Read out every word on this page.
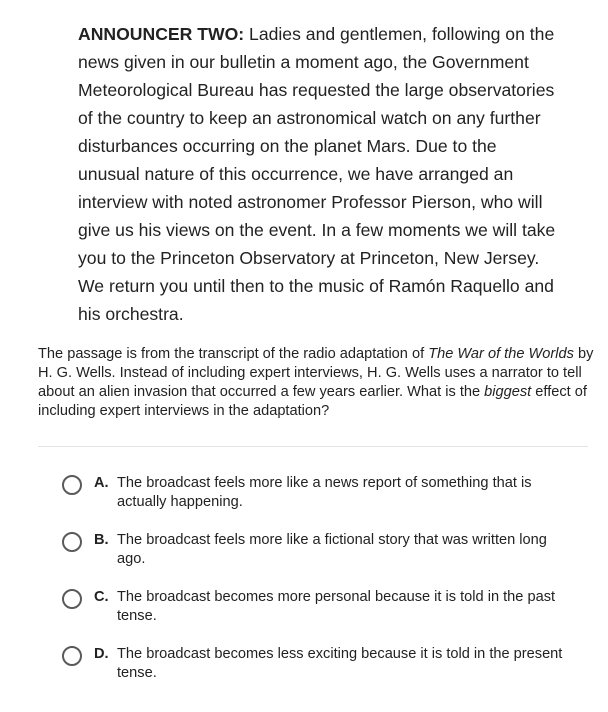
ANNOUNCER TWO: Ladies and gentlemen, following on the news given in our bulletin a moment ago, the Government Meteorological Bureau has requested the large observatories of the country to keep an astronomical watch on any further disturbances occurring on the planet Mars. Due to the unusual nature of this occurrence, we have arranged an interview with noted astronomer Professor Pierson, who will give us his views on the event. In a few moments we will take you to the Princeton Observatory at Princeton, New Jersey. We return you until then to the music of Ramón Raquello and his orchestra.

The passage is from the transcript of the radio adaptation of The War of the Worlds by H. G. Wells. Instead of including expert interviews, H. G. Wells uses a narrator to tell about an alien invasion that occurred a few years earlier. What is the biggest effect of including expert interviews in the adaptation?

A. The broadcast feels more like a news report of something that is actually happening.
B. The broadcast feels more like a fictional story that was written long ago.
C. The broadcast becomes more personal because it is told in the past tense.
D. The broadcast becomes less exciting because it is told in the present tense.
